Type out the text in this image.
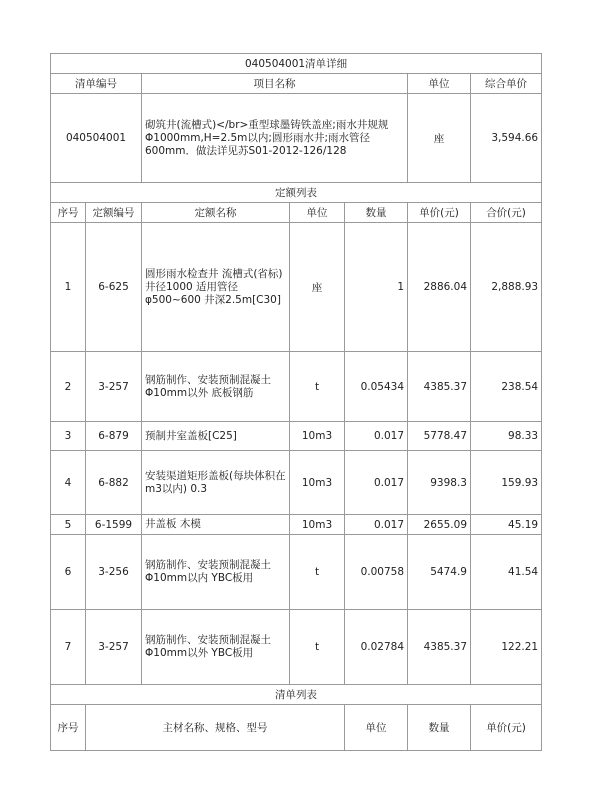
040504001清单详细							
清单编号		项目名称			单位	综合单价	
040504001		砌筑井(流槽式)</br>重型球墨铸铁盖座;雨水井规规Φ1000mm,H=2.5m以内;圆形雨水井;雨水管径600mm．做法详见苏S01-2012-126/128			座	3,594.66	
定额列表							
序号	定额编号	定额名称	单位	数量	单价(元)	合价(元)	
1	6-625	圆形雨水检查井 流槽式(省标)井径1000 适用管径φ500~600 井深2.5m[C30]	座	1	2886.04	2,888.93	
2	3-257	钢筋制作、安装预制混凝土Φ10mm以外 底板钢筋	t	0.05434	4385.37	238.54	
3	6-879	预制井室盖板[C25]	10m3	0.017	5778.47	98.33	
4	6-882	安装渠道矩形盖板(每块体积在m3以内) 0.3	10m3	0.017	9398.3	159.93	
5	6-1599	井盖板 木模	10m3	0.017	2655.09	45.19	
6	3-256	钢筋制作、安装预制混凝土Φ10mm以内 YBC板用	t	0.00758	5474.9	41.54	
7	3-257	钢筋制作、安装预制混凝土Φ10mm以外 YBC板用	t	0.02784	4385.37	122.21	
清单列表							
序号	主材名称、规格、型号			单位	数量	单价(元)	
